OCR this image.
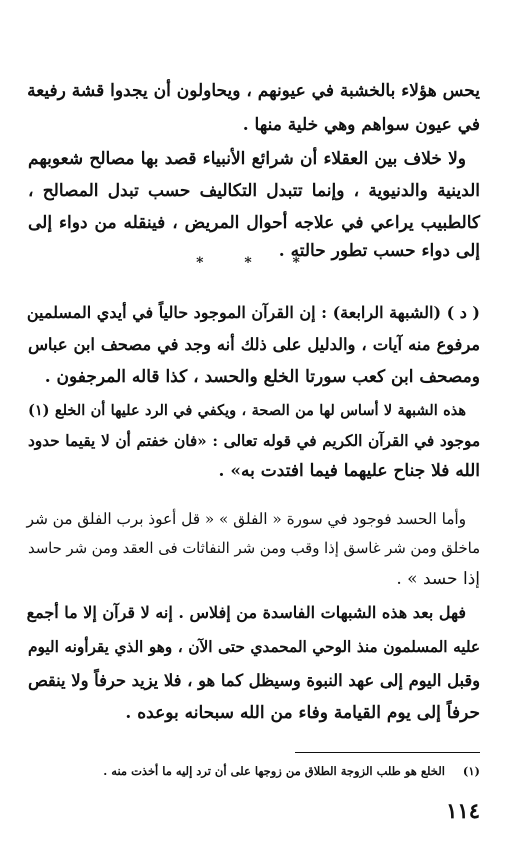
يحس هؤلاء بالخشبة في عيونهم ، ويحاولون أن يجدوا قشة رفيعة
في عيون سواهم وهي خلية منها .
ولا خلاف بين العقلاء أن شرائع الأنبياء قصد بها مصالح شعوبهم
الدينية والدنيوية ، وإنما تتبدل التكاليف حسب تبدل المصالح ،
كالطبيب يراعي في علاجه أحوال المريض ، فينقله من دواء إلى
إلى دواء حسب تطور حالته .
* * *
( د ) (الشبهة الرابعة) : إن القرآن الموجود حالياً في أيدي المسلمين
مرفوع منه آيات ، والدليل على ذلك أنه وجد في مصحف ابن عباس
ومصحف ابن كعب سورتا الخلع والحسد ، كذا قاله المرجفون .
هذه الشبهة لا أساس لها من الصحة ، ويكفي في الرد عليها أن الخلع (١)
موجود في القرآن الكريم في قوله تعالى : «فان خفتم أن لا يقيما حدود
الله فلا جناح عليهما فيما افتدت به» .
وأما الحسد فوجود في سورة « الفلق » « قل أعوذ برب الفلق من شر
ماخلق ومن شر غاسق إذا وقب ومن شر النفاثات فى العقد ومن شر حاسد
إذا حسد » .
فهل بعد هذه الشبهات الفاسدة من إفلاس . إنه لا قرآن إلا ما أجمع
عليه المسلمون منذ الوحي المحمدي حتى الآن ، وهو الذي يقرأونه اليوم
وقبل اليوم إلى عهد النبوة وسيظل كما هو ، فلا يزيد حرفاً ولا ينقص
حرفاً إلى يوم القيامة وفاء من الله سبحانه بوعده .
(١) الخلع هو طلب الزوجة الطلاق من زوجها على أن ترد إليه ما أخذت منه .
١١٤
